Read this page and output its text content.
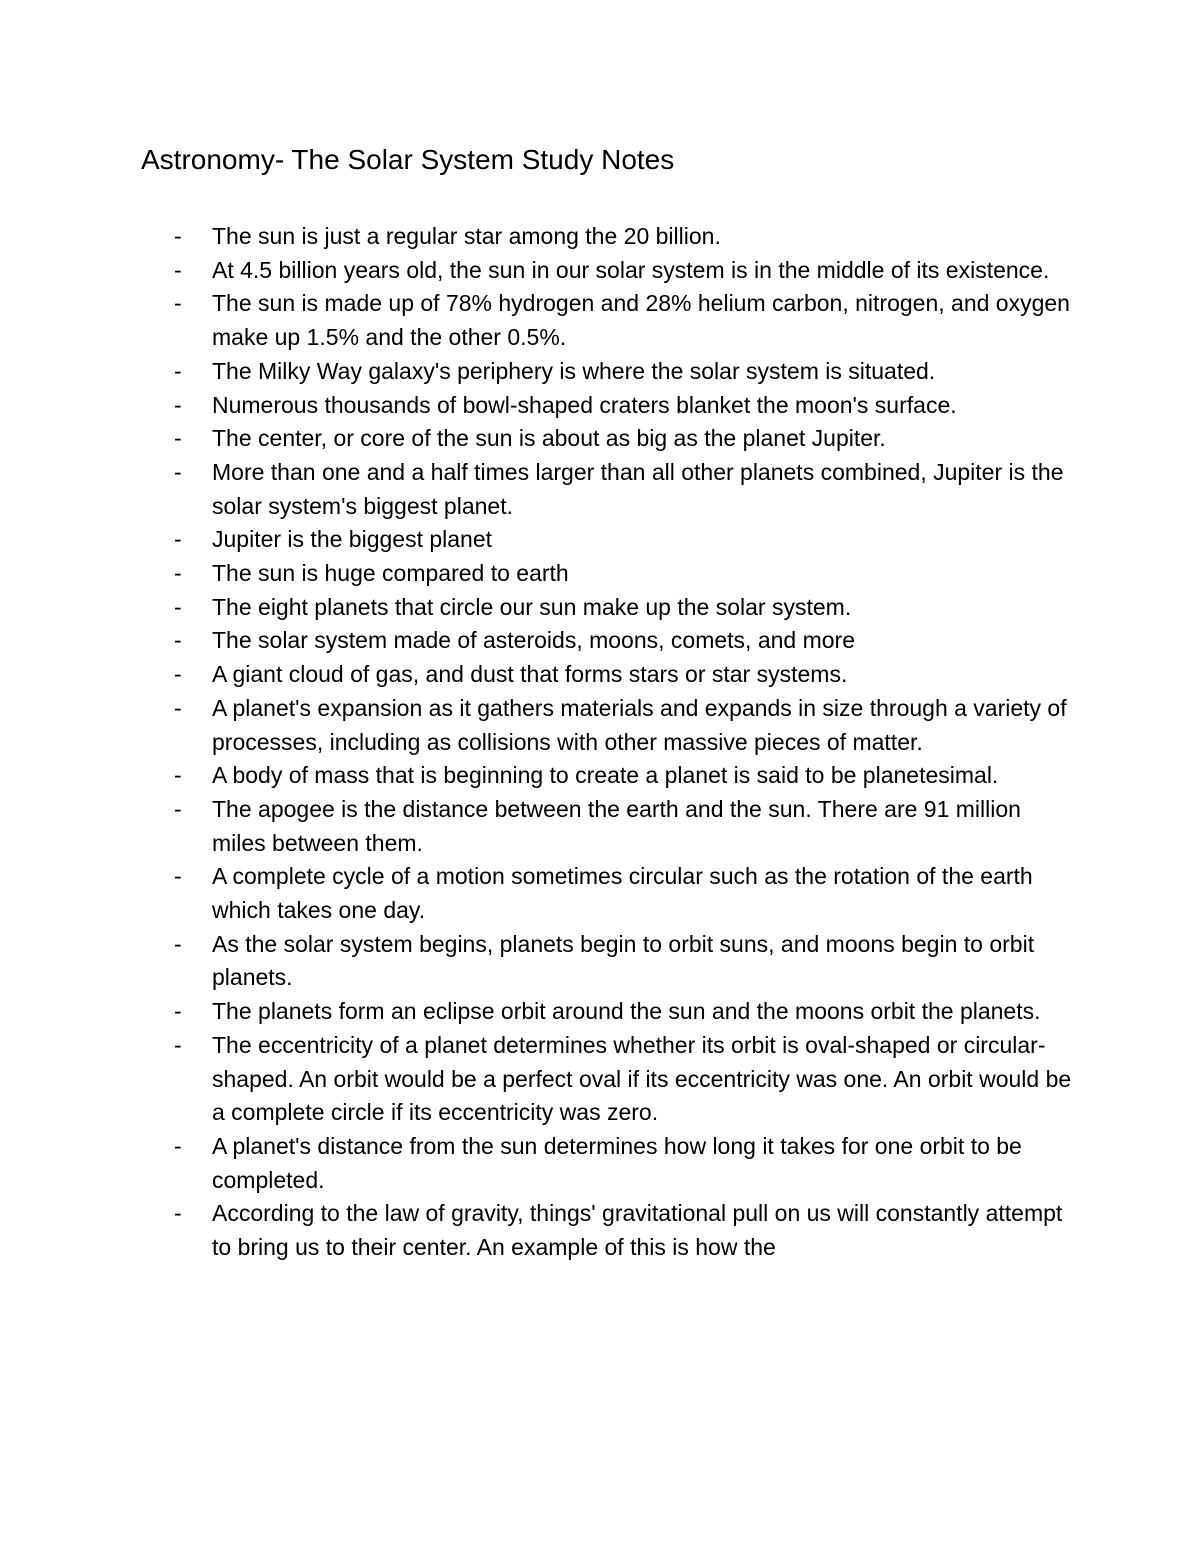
Astronomy- The Solar System Study Notes
- The sun is just a regular star among the 20 billion.
- At 4.5 billion years old, the sun in our solar system is in the middle of its existence.
- The sun is made up of 78% hydrogen and 28% helium carbon, nitrogen, and oxygen make up 1.5% and the other 0.5%.
- The Milky Way galaxy's periphery is where the solar system is situated.
- Numerous thousands of bowl-shaped craters blanket the moon's surface.
- The center, or core of the sun is about as big as the planet Jupiter.
- More than one and a half times larger than all other planets combined, Jupiter is the solar system's biggest planet.
- Jupiter is the biggest planet
- The sun is huge compared to earth
- The eight planets that circle our sun make up the solar system.
- The solar system made of asteroids, moons, comets, and more
- A giant cloud of gas, and dust that forms stars or star systems.
- A planet's expansion as it gathers materials and expands in size through a variety of processes, including as collisions with other massive pieces of matter.
- A body of mass that is beginning to create a planet is said to be planetesimal.
- The apogee is the distance between the earth and the sun. There are 91 million miles between them.
- A complete cycle of a motion sometimes circular such as the rotation of the earth which takes one day.
- As the solar system begins, planets begin to orbit suns, and moons begin to orbit planets.
- The planets form an eclipse orbit around the sun and the moons orbit the planets.
- The eccentricity of a planet determines whether its orbit is oval-shaped or circular-shaped. An orbit would be a perfect oval if its eccentricity was one. An orbit would be a complete circle if its eccentricity was zero.
- A planet's distance from the sun determines how long it takes for one orbit to be completed.
- According to the law of gravity, things' gravitational pull on us will constantly attempt to bring us to their center. An example of this is how the
